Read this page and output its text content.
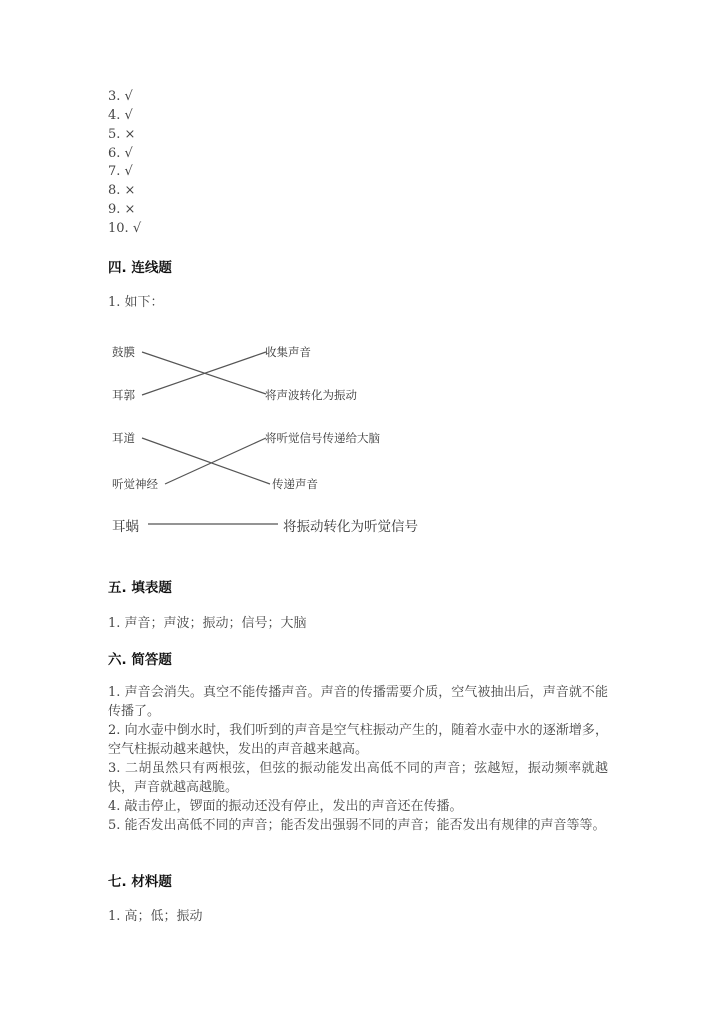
3. √
4. √
5. ×
6. √
7. √
8. ×
9. ×
10. √
四. 连线题
1. 如下：
鼓膜
耳郭
耳道
听觉神经
耳蜗
收集声音
将声波转化为振动
将听觉信号传递给大脑
传递声音
将振动转化为听觉信号
五. 填表题
1. 声音；声波；振动；信号；大脑
六. 简答题
1. 声音会消失。真空不能传播声音。声音的传播需要介质，空气被抽出后，声音就不能传播了。
2. 向水壶中倒水时，我们听到的声音是空气柱振动产生的，随着水壶中水的逐渐增多，空气柱振动越来越快，发出的声音越来越高。
3. 二胡虽然只有两根弦，但弦的振动能发出高低不同的声音；弦越短，振动频率就越快，声音就越高越脆。
4. 敲击停止，锣面的振动还没有停止，发出的声音还在传播。
5. 能否发出高低不同的声音；能否发出强弱不同的声音；能否发出有规律的声音等等。
七. 材料题
1. 高；低；振动
